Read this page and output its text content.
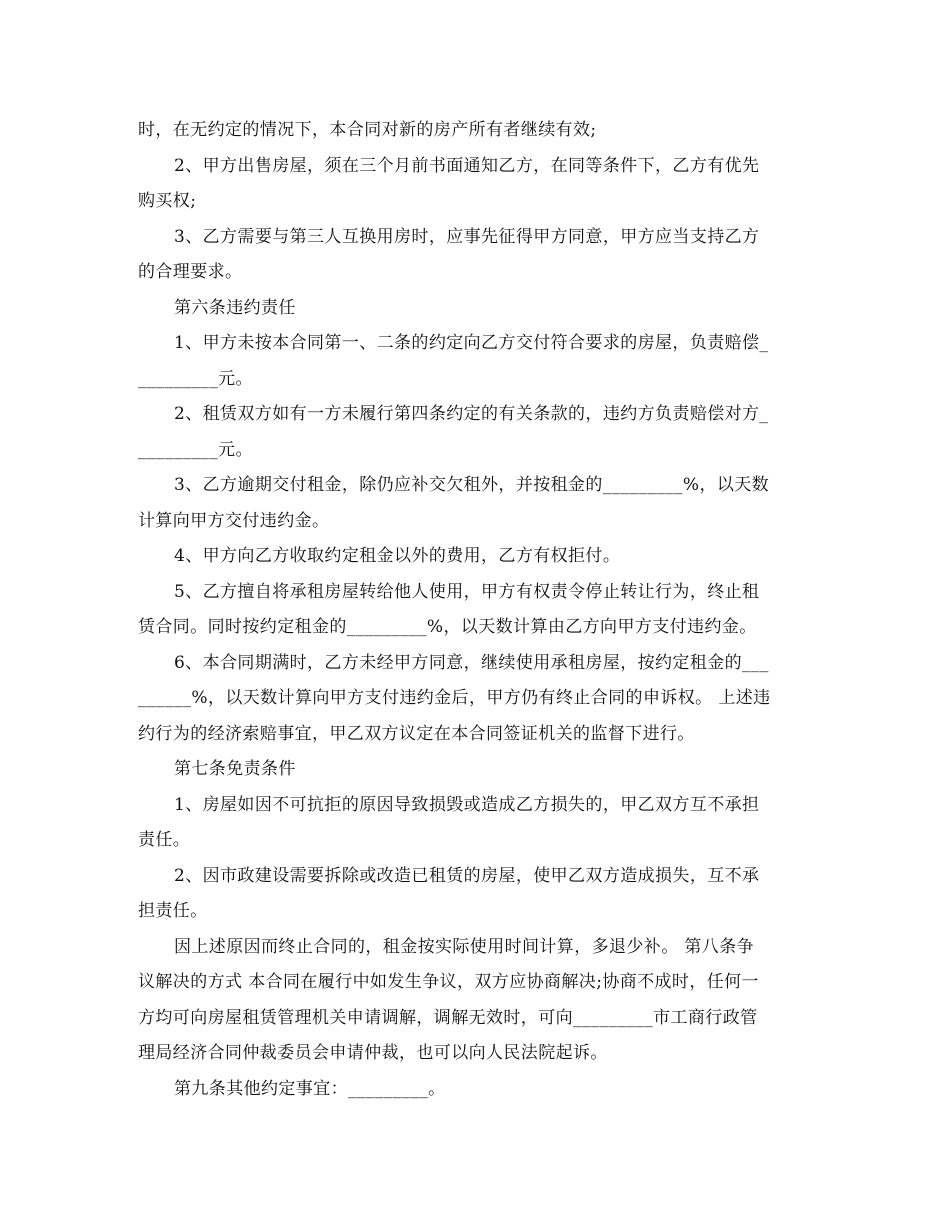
时，在无约定的情况下，本合同对新的房产所有者继续有效;
2、甲方出售房屋，须在三个月前书面通知乙方，在同等条件下，乙方有优先
购买权;
3、乙方需要与第三人互换用房时，应事先征得甲方同意，甲方应当支持乙方
的合理要求。
第六条违约责任
1、甲方未按本合同第一、二条的约定向乙方交付符合要求的房屋，负责赔偿_
_________元。
2、租赁双方如有一方未履行第四条约定的有关条款的，违约方负责赔偿对方_
_________元。
3、乙方逾期交付租金，除仍应补交欠租外，并按租金的_________%，以天数
计算向甲方交付违约金。
4、甲方向乙方收取约定租金以外的费用，乙方有权拒付。
5、乙方擅自将承租房屋转给他人使用，甲方有权责令停止转让行为，终止租
赁合同。同时按约定租金的_________%，以天数计算由乙方向甲方支付违约金。
6、本合同期满时，乙方未经甲方同意，继续使用承租房屋，按约定租金的___
______%，以天数计算向甲方支付违约金后，甲方仍有终止合同的申诉权。 上述违
约行为的经济索赔事宜，甲乙双方议定在本合同签证机关的监督下进行。
第七条免责条件
1、房屋如因不可抗拒的原因导致损毁或造成乙方损失的，甲乙双方互不承担
责任。
2、因市政建设需要拆除或改造已租赁的房屋，使甲乙双方造成损失，互不承
担责任。
因上述原因而终止合同的，租金按实际使用时间计算，多退少补。 第八条争
议解决的方式 本合同在履行中如发生争议，双方应协商解决;协商不成时，任何一
方均可向房屋租赁管理机关申请调解，调解无效时，可向_________市工商行政管
理局经济合同仲裁委员会申请仲裁，也可以向人民法院起诉。
第九条其他约定事宜：_________。
